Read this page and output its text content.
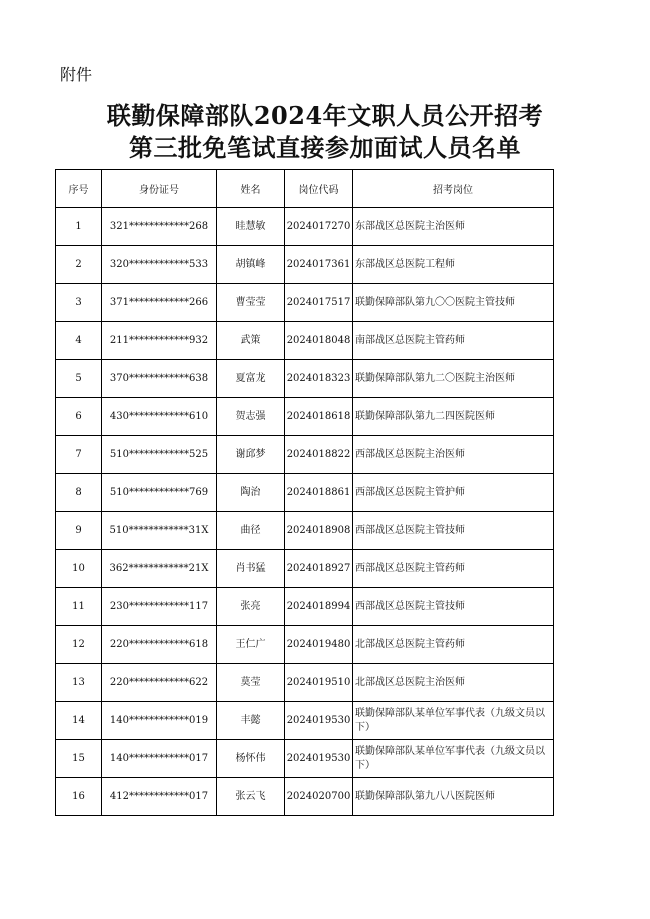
附件
联勤保障部队2024年文职人员公开招考
第三批免笔试直接参加面试人员名单
序号	身份证号	姓名	岗位代码	招考岗位
1	321************268	眭慧敏	2024017270	东部战区总医院主治医师
2	320************533	胡镇峰	2024017361	东部战区总医院工程师
3	371************266	曹莹莹	2024017517	联勤保障部队第九〇〇医院主管技师
4	211************932	武策	2024018048	南部战区总医院主管药师
5	370************638	夏富龙	2024018323	联勤保障部队第九二〇医院主治医师
6	430************610	贺志强	2024018618	联勤保障部队第九二四医院医师
7	510************525	谢邱梦	2024018822	西部战区总医院主治医师
8	510************769	陶治	2024018861	西部战区总医院主管护师
9	510************31X	曲径	2024018908	西部战区总医院主管技师
10	362************21X	肖书猛	2024018927	西部战区总医院主管药师
11	230************117	张亮	2024018994	西部战区总医院主管技师
12	220************618	王仁广	2024019480	北部战区总医院主管药师
13	220************622	莫莹	2024019510	北部战区总医院主治医师
14	140************019	丰懿	2024019530	联勤保障部队某单位军事代表（九级文员以下）
15	140************017	杨怀伟	2024019530	联勤保障部队某单位军事代表（九级文员以下）
16	412************017	张云飞	2024020700	联勤保障部队第九八八医院医师
